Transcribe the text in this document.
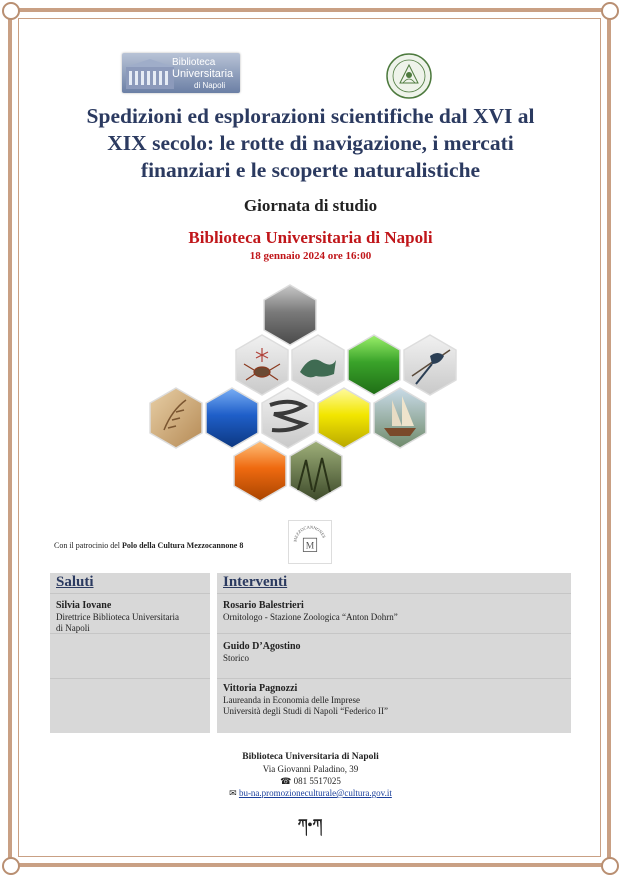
Biblioteca
Universitaria
di Napoli
Spedizioni ed esplorazioni scientifiche dal XVI al
XIX secolo: le rotte di navigazione, i mercati
finanziari e le scoperte naturalistiche
Giornata di studio
Biblioteca Universitaria di Napoli
18 gennaio 2024 ore 16:00
Con il patrocinio del Polo della Cultura Mezzocannone 8
MEZZOCANNONE8
M
Saluti
Silvia Iovane
Direttrice Biblioteca Universitaria
di Napoli
Interventi
Rosario Balestrieri
Ornitologo - Stazione Zoologica “Anton Dohrn”
Guido D’Agostino
Storico
Vittoria Pagnozzi
Laureanda in Economia delle Imprese
Università degli Studi di Napoli “Federico II”
Biblioteca Universitaria di Napoli
Via Giovanni Paladino, 39
☎ 081 5517025
✉ bu-na.promozioneculturale@cultura.gov.it
ཀ•ཀ
